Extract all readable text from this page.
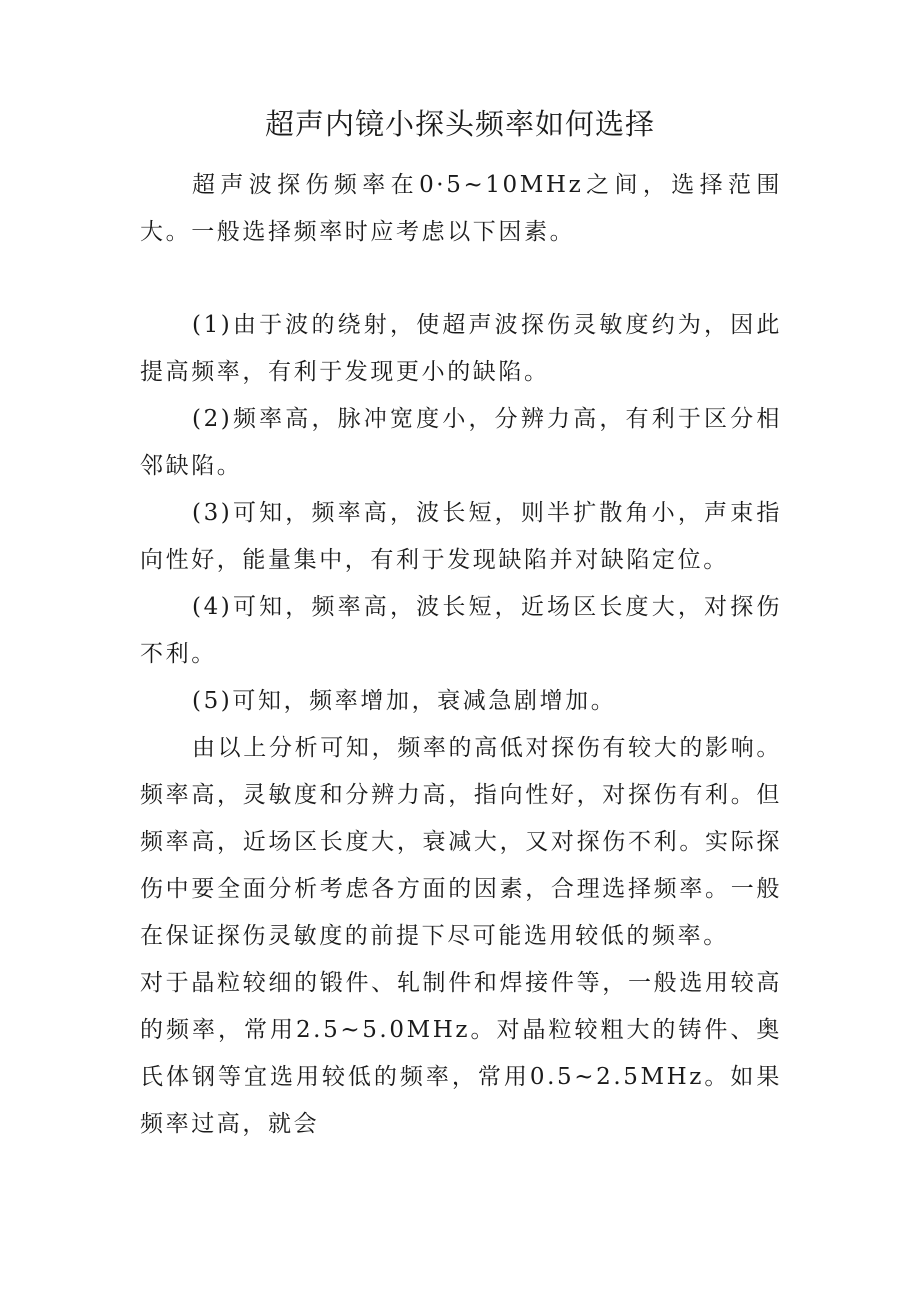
超声内镜小探头频率如何选择

超声波探伤频率在0·5~10MHz之间，选择范围大。一般选择频率时应考虑以下因素。

(1)由于波的绕射，使超声波探伤灵敏度约为，因此提高频率，有利于发现更小的缺陷。

(2)频率高，脉冲宽度小，分辨力高，有利于区分相邻缺陷。

(3)可知，频率高，波长短，则半扩散角小，声束指向性好，能量集中，有利于发现缺陷并对缺陷定位。

(4)可知，频率高，波长短，近场区长度大，对探伤不利。

(5)可知，频率增加，衰减急剧增加。

由以上分析可知，频率的高低对探伤有较大的影响。频率高，灵敏度和分辨力高，指向性好，对探伤有利。但频率高，近场区长度大，衰减大，又对探伤不利。实际探伤中要全面分析考虑各方面的因素，合理选择频率。一般在保证探伤灵敏度的前提下尽可能选用较低的频率。

对于晶粒较细的锻件、轧制件和焊接件等，一般选用较高的频率，常用2.5~5.0MHz。对晶粒较粗大的铸件、奥氏体钢等宜选用较低的频率，常用0.5~2.5MHz。如果频率过高，就会
